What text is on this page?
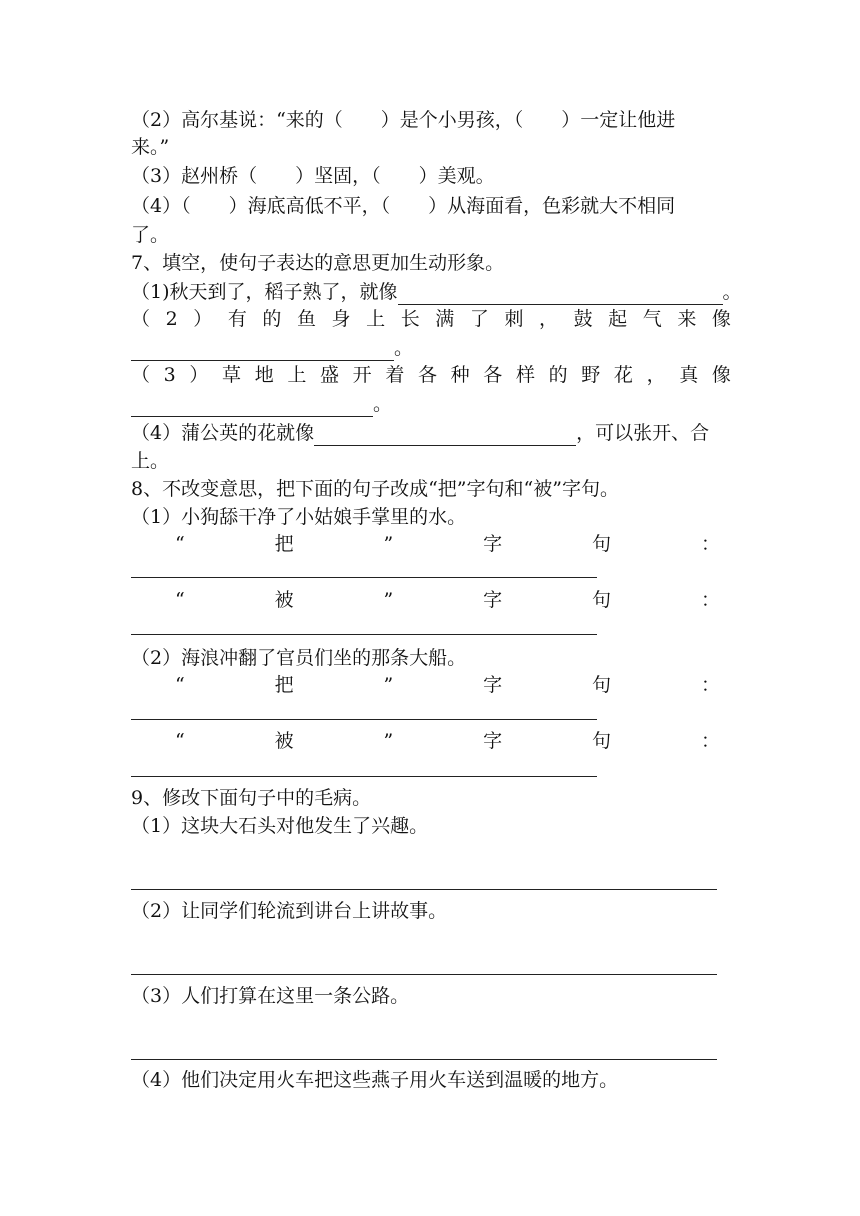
（2）高尔基说：“来的（　　）是个小男孩，（　　）一定让他进
来。”
（3）赵州桥（　　）坚固，（　　）美观。
（4）（　　）海底高低不平，（　　）从海面看，色彩就大不相同
了。
7、填空，使句子表达的意思更加生动形象。
（1)秋天到了，稻子熟了，就像	。
（ 2 ） 有 的 鱼 身 上 长 满 了 刺 ， 鼓 起 气 来 像
。
（ 3 ） 草 地 上 盛 开 着 各 种 各 样 的 野 花 ， 真 像
。
（4）蒲公英的花就像	，可以张开、合
上。
8、不改变意思，把下面的句子改成“把”字句和“被”字句。
（1）小狗舔干净了小姑娘手掌里的水。
“	把	”	字	句	：
“	被	”	字	句	：
（2）海浪冲翻了官员们坐的那条大船。
“	把	”	字	句	：
“	被	”	字	句	：
9、修改下面句子中的毛病。
（1）这块大石头对他发生了兴趣。
（2）让同学们轮流到讲台上讲故事。
（3）人们打算在这里一条公路。
（4）他们决定用火车把这些燕子用火车送到温暖的地方。
